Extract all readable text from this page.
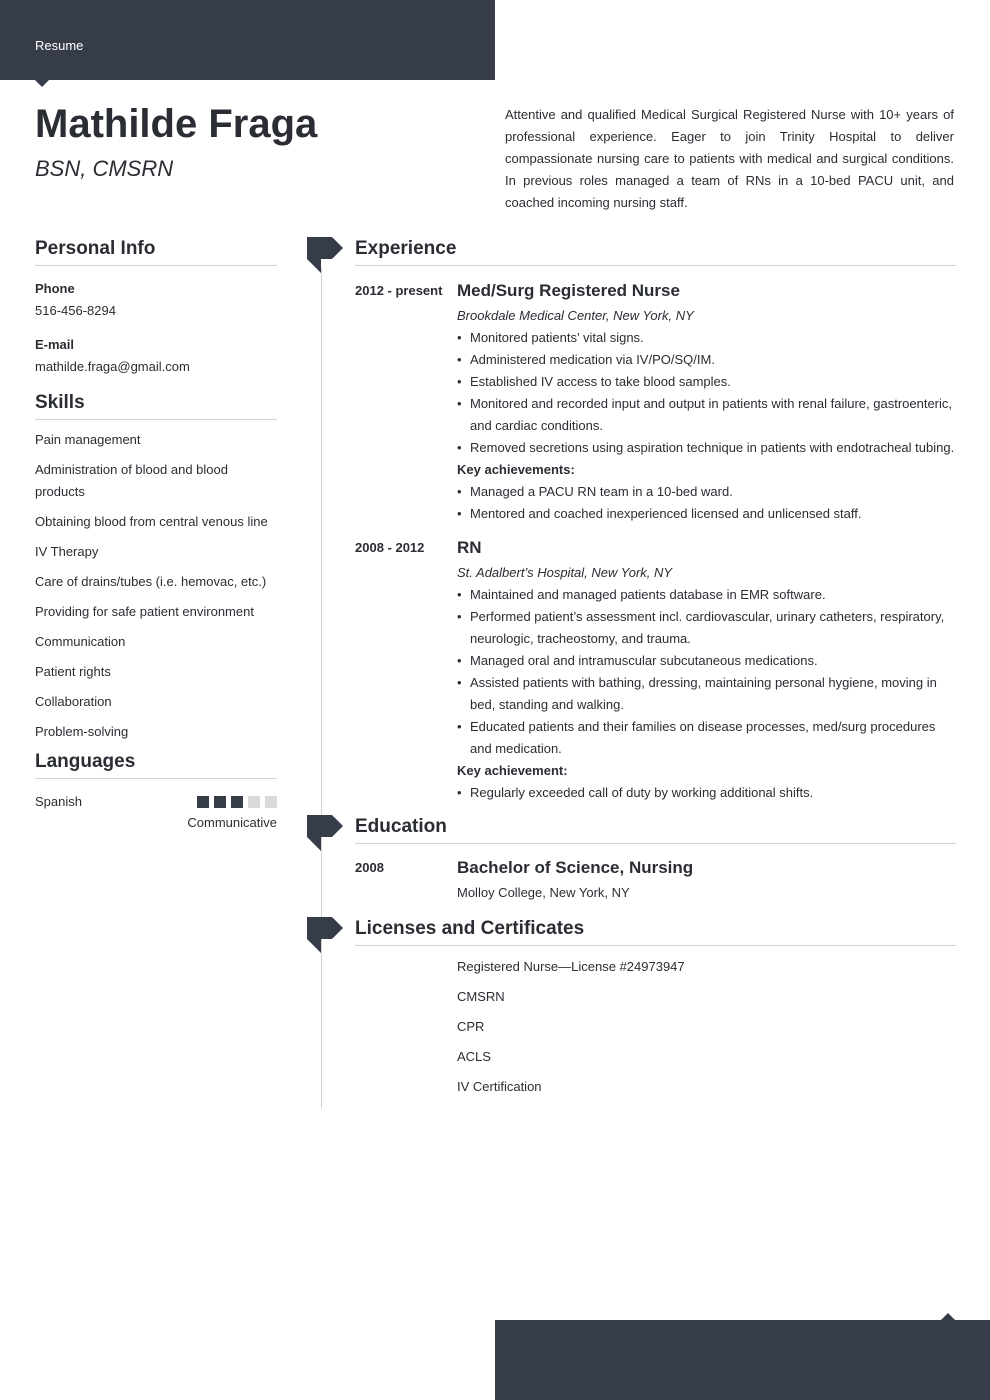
Resume
Mathilde Fraga
BSN, CMSRN

Attentive and qualified Medical Surgical Registered Nurse with 10+ years of professional experience. Eager to join Trinity Hospital to deliver compassionate nursing care to patients with medical and surgical conditions. In previous roles managed a team of RNs in a 10-bed PACU unit, and coached incoming nursing staff.

Personal Info
Phone
516-456-8294
E-mail
mathilde.fraga@gmail.com
Skills
Pain management
Administration of blood and blood products
Obtaining blood from central venous line
IV Therapy
Care of drains/tubes (i.e. hemovac, etc.)
Providing for safe patient environment
Communication
Patient rights
Collaboration
Problem-solving
Languages
Spanish
Communicative
Experience
2012 - present Med/Surg Registered Nurse
Brookdale Medical Center, New York, NY
• Monitored patients’ vital signs.
• Administered medication via IV/PO/SQ/IM.
• Established IV access to take blood samples.
• Monitored and recorded input and output in patients with renal failure, gastroenteric, and cardiac conditions.
• Removed secretions using aspiration technique in patients with endotracheal tubing.
Key achievements:
• Managed a PACU RN team in a 10-bed ward.
• Mentored and coached inexperienced licensed and unlicensed staff.
2008 - 2012	RN
St. Adalbert’s Hospital, New York, NY
• Maintained and managed patients database in EMR software.
• Performed patient’s assessment incl. cardiovascular, urinary catheters, respiratory, neurologic, tracheostomy, and trauma.
• Managed oral and intramuscular subcutaneous medications.
• Assisted patients with bathing, dressing, maintaining personal hygiene, moving in bed, standing and walking.
• Educated patients and their families on disease processes, med/surg procedures and medication.
Key achievement:
• Regularly exceeded call of duty by working additional shifts.
Education
2008	Bachelor of Science, Nursing
Molloy College, New York, NY
Licenses and Certificates
Registered Nurse—License #24973947
CMSRN
CPR
ACLS
IV Certification
